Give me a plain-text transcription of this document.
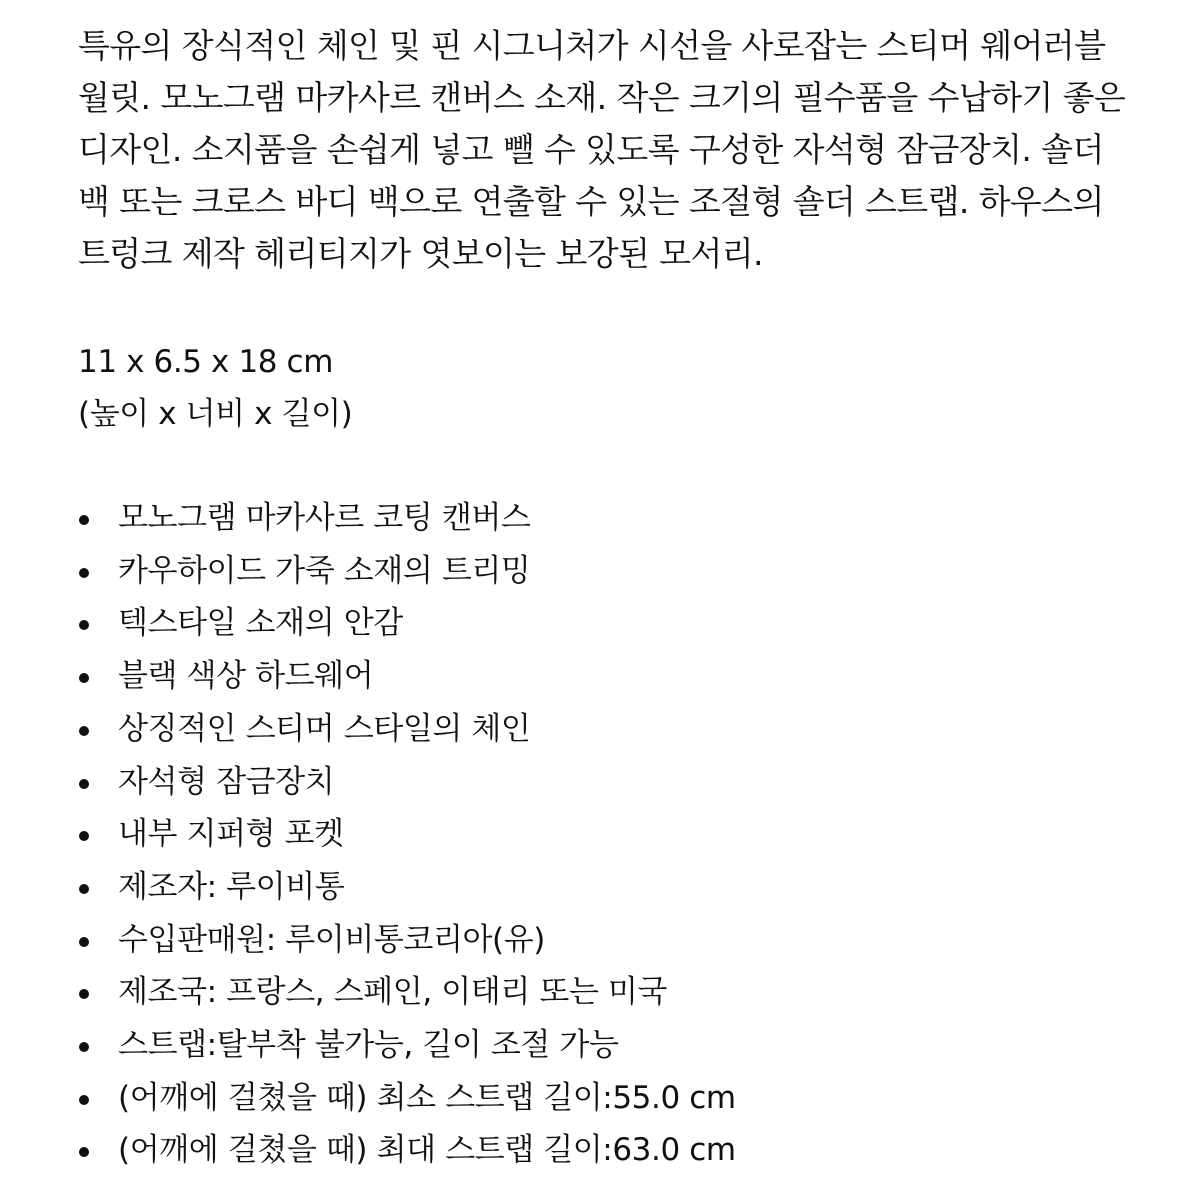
특유의 장식적인 체인 및 핀 시그니처가 시선을 사로잡는 스티머 웨어러블 월릿. 모노그램 마카사르 캔버스 소재. 작은 크기의 필수품을 수납하기 좋은 디자인. 소지품을 손쉽게 넣고 뺄 수 있도록 구성한 자석형 잠금장치. 숄더 백 또는 크로스 바디 백으로 연출할 수 있는 조절형 숄더 스트랩. 하우스의 트렁크 제작 헤리티지가 엿보이는 보강된 모서리.

11 x 6.5 x 18 cm
(높이 x 너비 x 길이)
모노그램 마카사르 코팅 캔버스
카우하이드 가죽 소재의 트리밍
텍스타일 소재의 안감
블랙 색상 하드웨어
상징적인 스티머 스타일의 체인
자석형 잠금장치
내부 지퍼형 포켓
제조자: 루이비통
수입판매원: 루이비통코리아(유)
제조국: 프랑스, 스페인, 이태리 또는 미국
스트랩:탈부착 불가능, 길이 조절 가능
(어깨에 걸쳤을 때) 최소 스트랩 길이:55.0 cm
(어깨에 걸쳤을 때) 최대 스트랩 길이:63.0 cm
